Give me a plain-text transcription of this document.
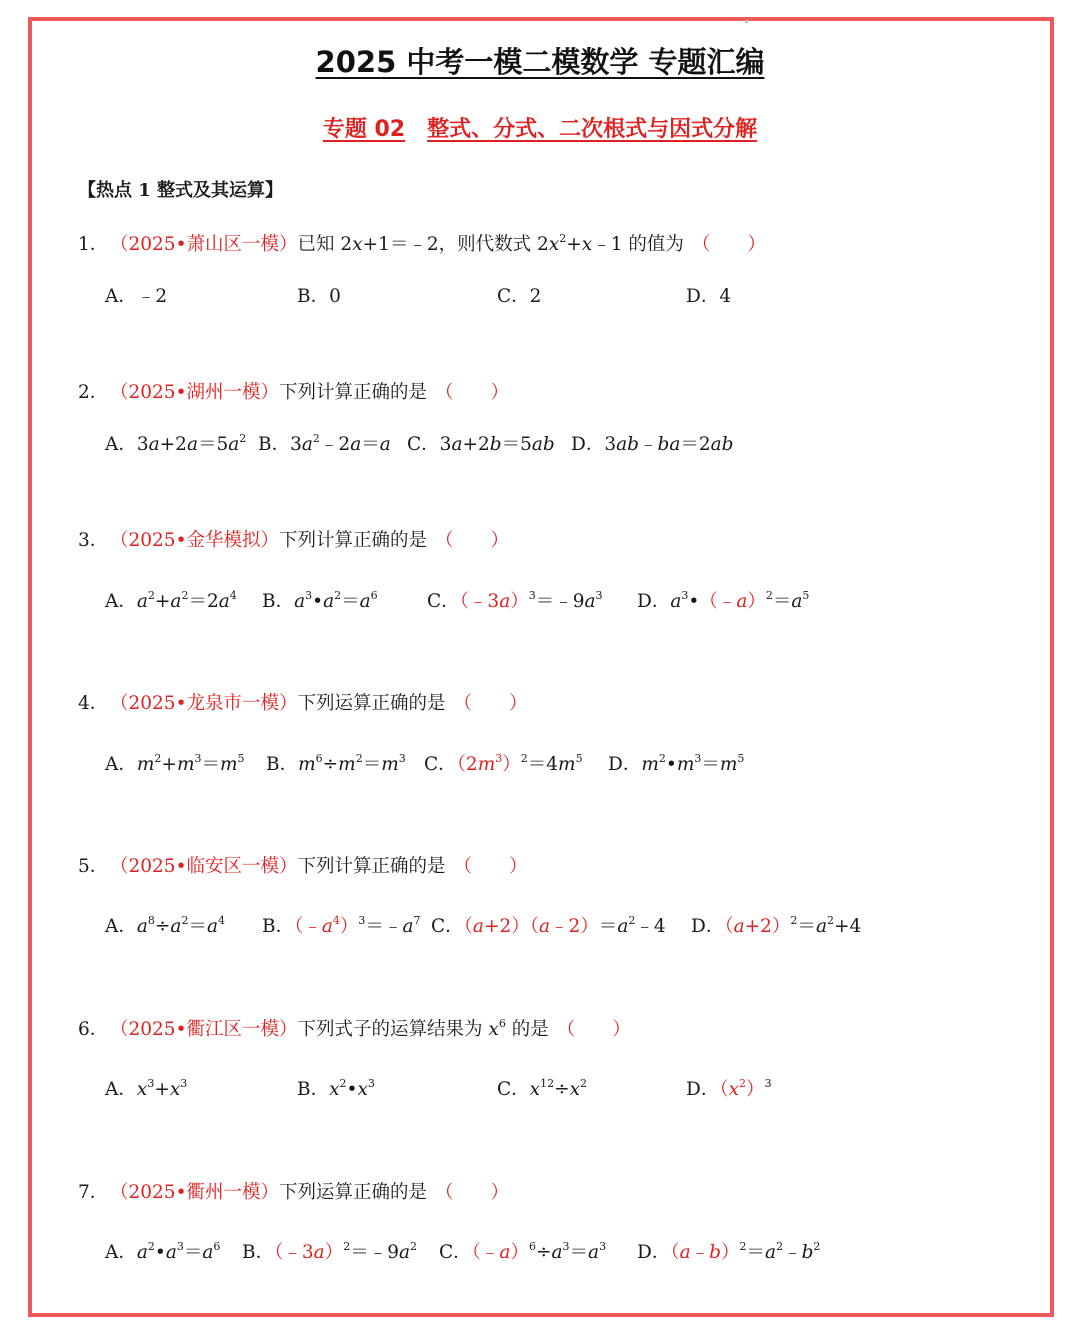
2025 中考一模二模数学 专题汇编
专题 02 整式、分式、二次根式与因式分解
【热点 1 整式及其运算】
1．（2025•萧山区一模）已知 2x+1＝﹣2，则代数式 $2x^2+x﹣1$ 的值为 （　　）
A．﹣2	B．0	C．2	D．4
2．（2025•湖州一模）下列计算正确的是 （　　）
A．$3a+2a=5a^2$ B．$3a^2﹣2a=a$ C．3a+2b＝5ab D．3ab﹣ba＝2ab
3．（2025•金华模拟）下列计算正确的是 （　　）
A．$a^2+a^2=2a^4$ B．$a^3•a^2=a^6$	C．$(﹣3a)^3=﹣9a^3$ D．$a^3•(﹣a)^2=a^5$
4．（2025•龙泉市一模）下列运算正确的是 （　　）
A．$m^2+m^3=m^5$ B．$m^6\div m^2=m^3$ C．$(2m^3)^2=4m^5$ D．$m^2•m^3=m^5$
5．（2025•临安区一模）下列计算正确的是 （　　）
A．$a^8\div a^2=a^4$ B．$(﹣a^4)^3=﹣a^7$ C．$(a+2)(a﹣2)=a^2﹣4$ D．$(a+2)^2=a^2+4$
6．（2025•衢江区一模）下列式子的运算结果为 $x^6$ 的是 （　　）
A．$x^3+x^3$	B．$x^2•x^3$	C．$x^{12}\div x^2$	D．$(x^2)^3$
7．（2025•衢州一模）下列运算正确的是 （　　）
A．$a^2•a^3=a^6$ B．$(﹣3a)^2=﹣9a^2$ C．$(﹣a)^6\div a^3=a^3$ D．$(a﹣b)^2=a^2﹣b^2$
